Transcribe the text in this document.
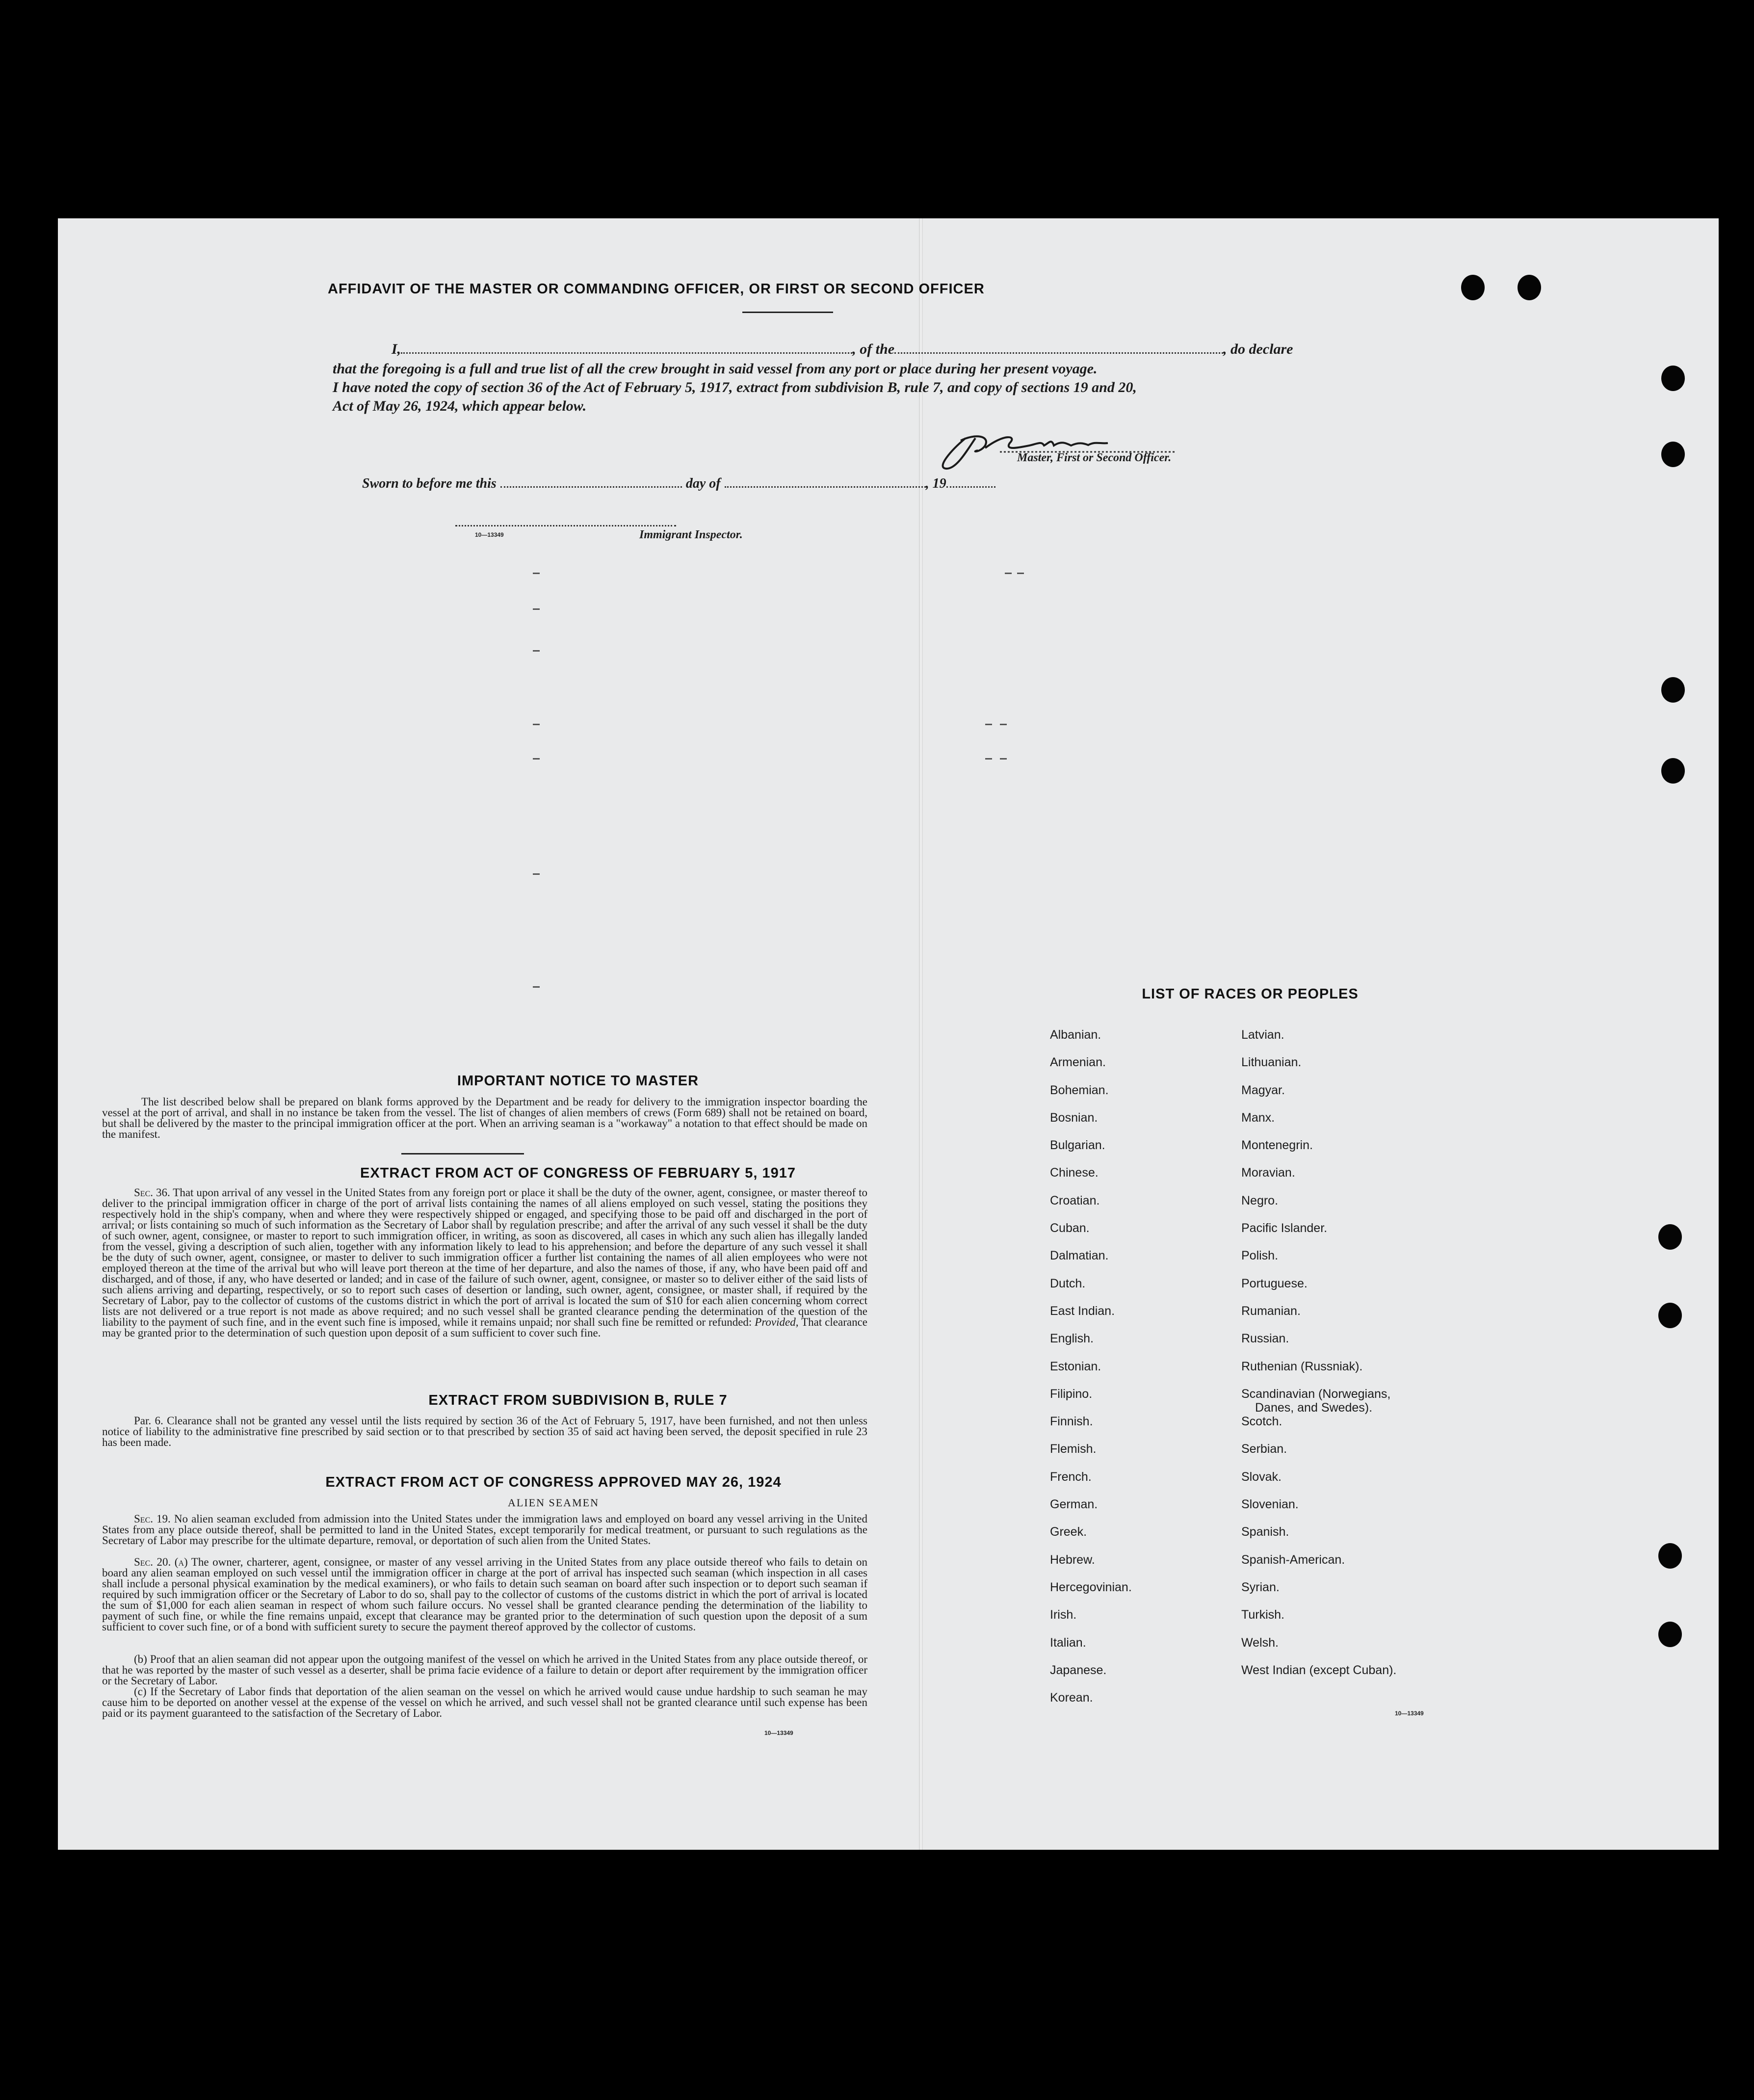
AFFIDAVIT OF THE MASTER OR COMMANDING OFFICER, OR FIRST OR SECOND OFFICER
I,	, of the	, do declare
that the foregoing is a full and true list of all the crew brought in said vessel from any port or place during her present voyage.
I have noted the copy of section 36 of the Act of February 5, 1917, extract from subdivision B, rule 7, and copy of sections 19 and 20,
Act of May 26, 1924, which appear below.
Master, First or Second Officer.
Sworn to before me this	day of	, 19
10—13349	Immigrant Inspector.
IMPORTANT NOTICE TO MASTER
The list described below shall be prepared on blank forms approved by the Department and be ready for delivery to the immigration inspector boarding the vessel at the port of arrival, and shall in no instance be taken from the vessel. The list of changes of alien members of crews (Form 689) shall not be retained on board, but shall be delivered by the master to the principal immigration officer at the port. When an arriving seaman is a "workaway" a notation to that effect should be made on the manifest.
EXTRACT FROM ACT OF CONGRESS OF FEBRUARY 5, 1917
Sec. 36. That upon arrival of any vessel in the United States from any foreign port or place it shall be the duty of the owner, agent, consignee, or master thereof to deliver to the principal immigration officer in charge of the port of arrival lists containing the names of all aliens employed on such vessel, stating the positions they respectively hold in the ship's company, when and where they were respectively shipped or engaged, and specifying those to be paid off and discharged in the port of arrival; or lists containing so much of such information as the Secretary of Labor shall by regulation prescribe; and after the arrival of any such vessel it shall be the duty of such owner, agent, consignee, or master to report to such immigration officer, in writing, as soon as discovered, all cases in which any such alien has illegally landed from the vessel, giving a description of such alien, together with any information likely to lead to his apprehension; and before the departure of any such vessel it shall be the duty of such owner, agent, consignee, or master to deliver to such immigration officer a further list containing the names of all alien employees who were not employed thereon at the time of the arrival but who will leave port thereon at the time of her departure, and also the names of those, if any, who have been paid off and discharged, and of those, if any, who have deserted or landed; and in case of the failure of such owner, agent, consignee, or master so to deliver either of the said lists of such aliens arriving and departing, respectively, or so to report such cases of desertion or landing, such owner, agent, consignee, or master shall, if required by the Secretary of Labor, pay to the collector of customs of the customs district in which the port of arrival is located the sum of $10 for each alien concerning whom correct lists are not delivered or a true report is not made as above required; and no such vessel shall be granted clearance pending the determination of the question of the liability to the payment of such fine, and in the event such fine is imposed, while it remains unpaid; nor shall such fine be remitted or refunded: Provided, That clearance may be granted prior to the determination of such question upon deposit of a sum sufficient to cover such fine.
EXTRACT FROM SUBDIVISION B, RULE 7
Par. 6. Clearance shall not be granted any vessel until the lists required by section 36 of the Act of February 5, 1917, have been furnished, and not then unless notice of liability to the administrative fine prescribed by said section or to that prescribed by section 35 of said act having been served, the deposit specified in rule 23 has been made.
EXTRACT FROM ACT OF CONGRESS APPROVED MAY 26, 1924
ALIEN SEAMEN
Sec. 19. No alien seaman excluded from admission into the United States under the immigration laws and employed on board any vessel arriving in the United States from any place outside thereof, shall be permitted to land in the United States, except temporarily for medical treatment, or pursuant to such regulations as the Secretary of Labor may prescribe for the ultimate departure, removal, or deportation of such alien from the United States.
Sec. 20. (a) The owner, charterer, agent, consignee, or master of any vessel arriving in the United States from any place outside thereof who fails to detain on board any alien seaman employed on such vessel until the immigration officer in charge at the port of arrival has inspected such seaman (which inspection in all cases shall include a personal physical examination by the medical examiners), or who fails to detain such seaman on board after such inspection or to deport such seaman if required by such immigration officer or the Secretary of Labor to do so, shall pay to the collector of customs of the customs district in which the port of arrival is located the sum of $1,000 for each alien seaman in respect of whom such failure occurs. No vessel shall be granted clearance pending the determination of the liability to payment of such fine, or while the fine remains unpaid, except that clearance may be granted prior to the determination of such question upon the deposit of a sum sufficient to cover such fine, or of a bond with sufficient surety to secure the payment thereof approved by the collector of customs.
(b) Proof that an alien seaman did not appear upon the outgoing manifest of the vessel on which he arrived in the United States from any place outside thereof, or that he was reported by the master of such vessel as a deserter, shall be prima facie evidence of a failure to detain or deport after requirement by the immigration officer or the Secretary of Labor.
(c) If the Secretary of Labor finds that deportation of the alien seaman on the vessel on which he arrived would cause undue hardship to such seaman he may cause him to be deported on another vessel at the expense of the vessel on which he arrived, and such vessel shall not be granted clearance until such expense has been paid or its payment guaranteed to the satisfaction of the Secretary of Labor.
10—13349
LIST OF RACES OR PEOPLES
Albanian.
Armenian.
Bohemian.
Bosnian.
Bulgarian.
Chinese.
Croatian.
Cuban.
Dalmatian.
Dutch.
East Indian.
English.
Estonian.
Filipino.
Finnish.
Flemish.
French.
German.
Greek.
Hebrew.
Hercegovinian.
Irish.
Italian.
Japanese.
Korean.
Latvian.
Lithuanian.
Magyar.
Manx.
Montenegrin.
Moravian.
Negro.
Pacific Islander.
Polish.
Portuguese.
Rumanian.
Russian.
Ruthenian (Russniak).
Scandinavian (Norwegians,
Danes, and Swedes).
Scotch.
Serbian.
Slovak.
Slovenian.
Spanish.
Spanish-American.
Syrian.
Turkish.
Welsh.
West Indian (except Cuban).
10—13349
